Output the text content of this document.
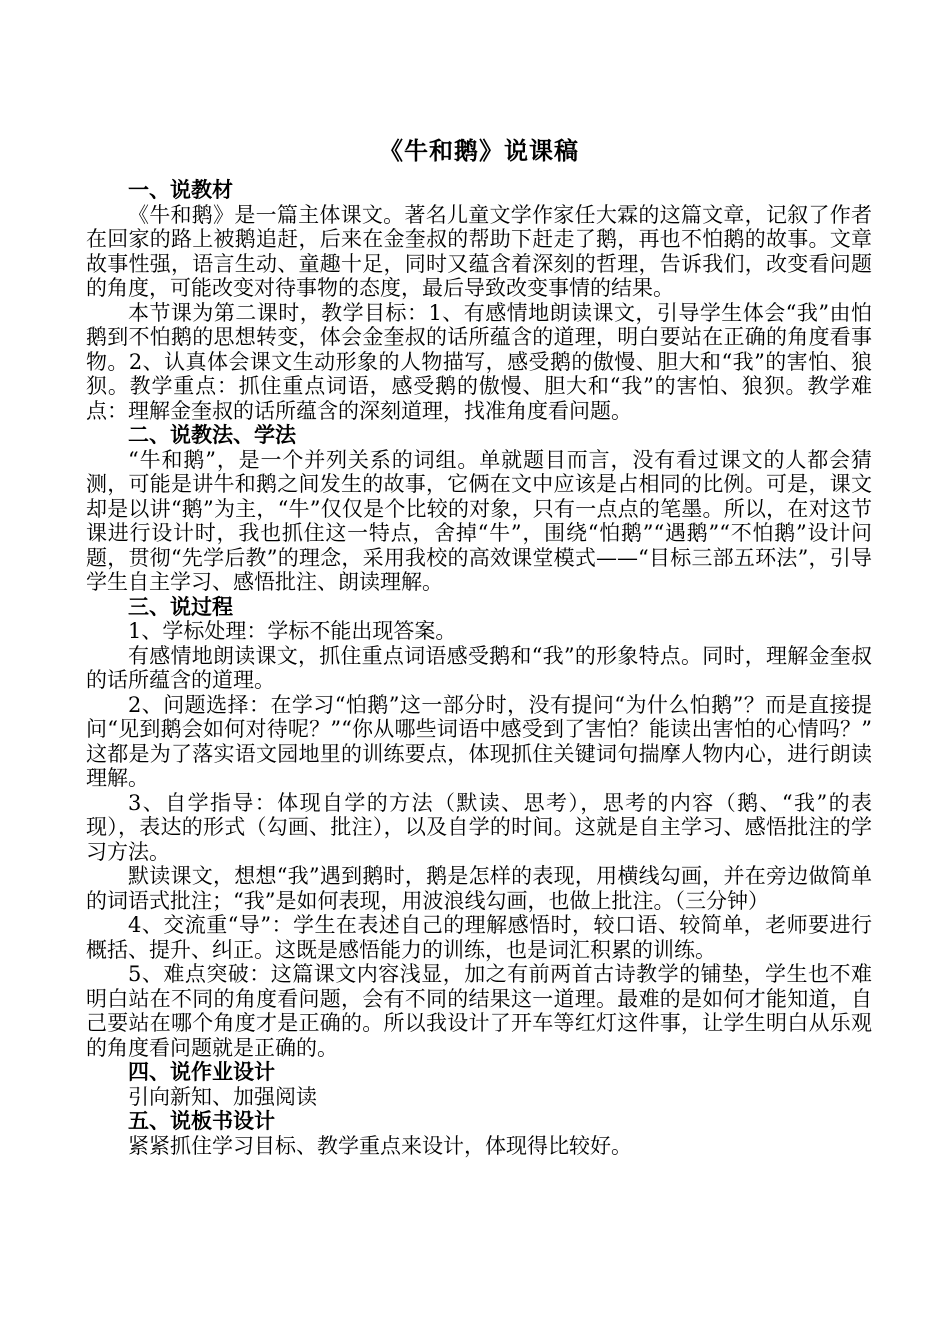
《牛和鹅》说课稿
一、说教材

《牛和鹅》是一篇主体课文。著名儿童文学作家任大霖的这篇文章，记叙了作者在回家的路上被鹅追赶，后来在金奎叔的帮助下赶走了鹅，再也不怕鹅的故事。文章故事性强，语言生动、童趣十足，同时又蕴含着深刻的哲理，告诉我们，改变看问题的角度，可能改变对待事物的态度，最后导致改变事情的结果。

本节课为第二课时，教学目标：1、有感情地朗读课文，引导学生体会“我”由怕鹅到不怕鹅的思想转变，体会金奎叔的话所蕴含的道理，明白要站在正确的角度看事物。2、认真体会课文生动形象的人物描写，感受鹅的傲慢、胆大和“我”的害怕、狼狈。教学重点：抓住重点词语，感受鹅的傲慢、胆大和“我”的害怕、狼狈。教学难点：理解金奎叔的话所蕴含的深刻道理，找准角度看问题。

二、说教法、学法

“牛和鹅”，是一个并列关系的词组。单就题目而言，没有看过课文的人都会猜测，可能是讲牛和鹅之间发生的故事，它俩在文中应该是占相同的比例。可是，课文却是以讲“鹅”为主，“牛”仅仅是个比较的对象，只有一点点的笔墨。所以，在对这节课进行设计时，我也抓住这一特点，舍掉“牛”，围绕“怕鹅”“遇鹅”“不怕鹅”设计问题，贯彻“先学后教”的理念，采用我校的高效课堂模式——“目标三部五环法”，引导学生自主学习、感悟批注、朗读理解。

三、说过程

1、学标处理：学标不能出现答案。

有感情地朗读课文，抓住重点词语感受鹅和“我”的形象特点。同时，理解金奎叔的话所蕴含的道理。

2、问题选择：在学习“怕鹅”这一部分时，没有提问“为什么怕鹅”？而是直接提问“见到鹅会如何对待呢？”“你从哪些词语中感受到了害怕？能读出害怕的心情吗？”这都是为了落实语文园地里的训练要点，体现抓住关键词句揣摩人物内心，进行朗读理解。

3、自学指导：体现自学的方法（默读、思考），思考的内容（鹅、“我”的表现），表达的形式（勾画、批注），以及自学的时间。这就是自主学习、感悟批注的学习方法。

默读课文，想想“我”遇到鹅时，鹅是怎样的表现，用横线勾画，并在旁边做简单的词语式批注；“我”是如何表现，用波浪线勾画，也做上批注。（三分钟）

4、交流重“导”：学生在表述自己的理解感悟时，较口语、较简单，老师要进行概括、提升、纠正。这既是感悟能力的训练，也是词汇积累的训练。

5、难点突破：这篇课文内容浅显，加之有前两首古诗教学的铺垫，学生也不难明白站在不同的角度看问题，会有不同的结果这一道理。最难的是如何才能知道，自己要站在哪个角度才是正确的。所以我设计了开车等红灯这件事，让学生明白从乐观的角度看问题就是正确的。

四、说作业设计

引向新知、加强阅读

五、说板书设计

紧紧抓住学习目标、教学重点来设计，体现得比较好。
